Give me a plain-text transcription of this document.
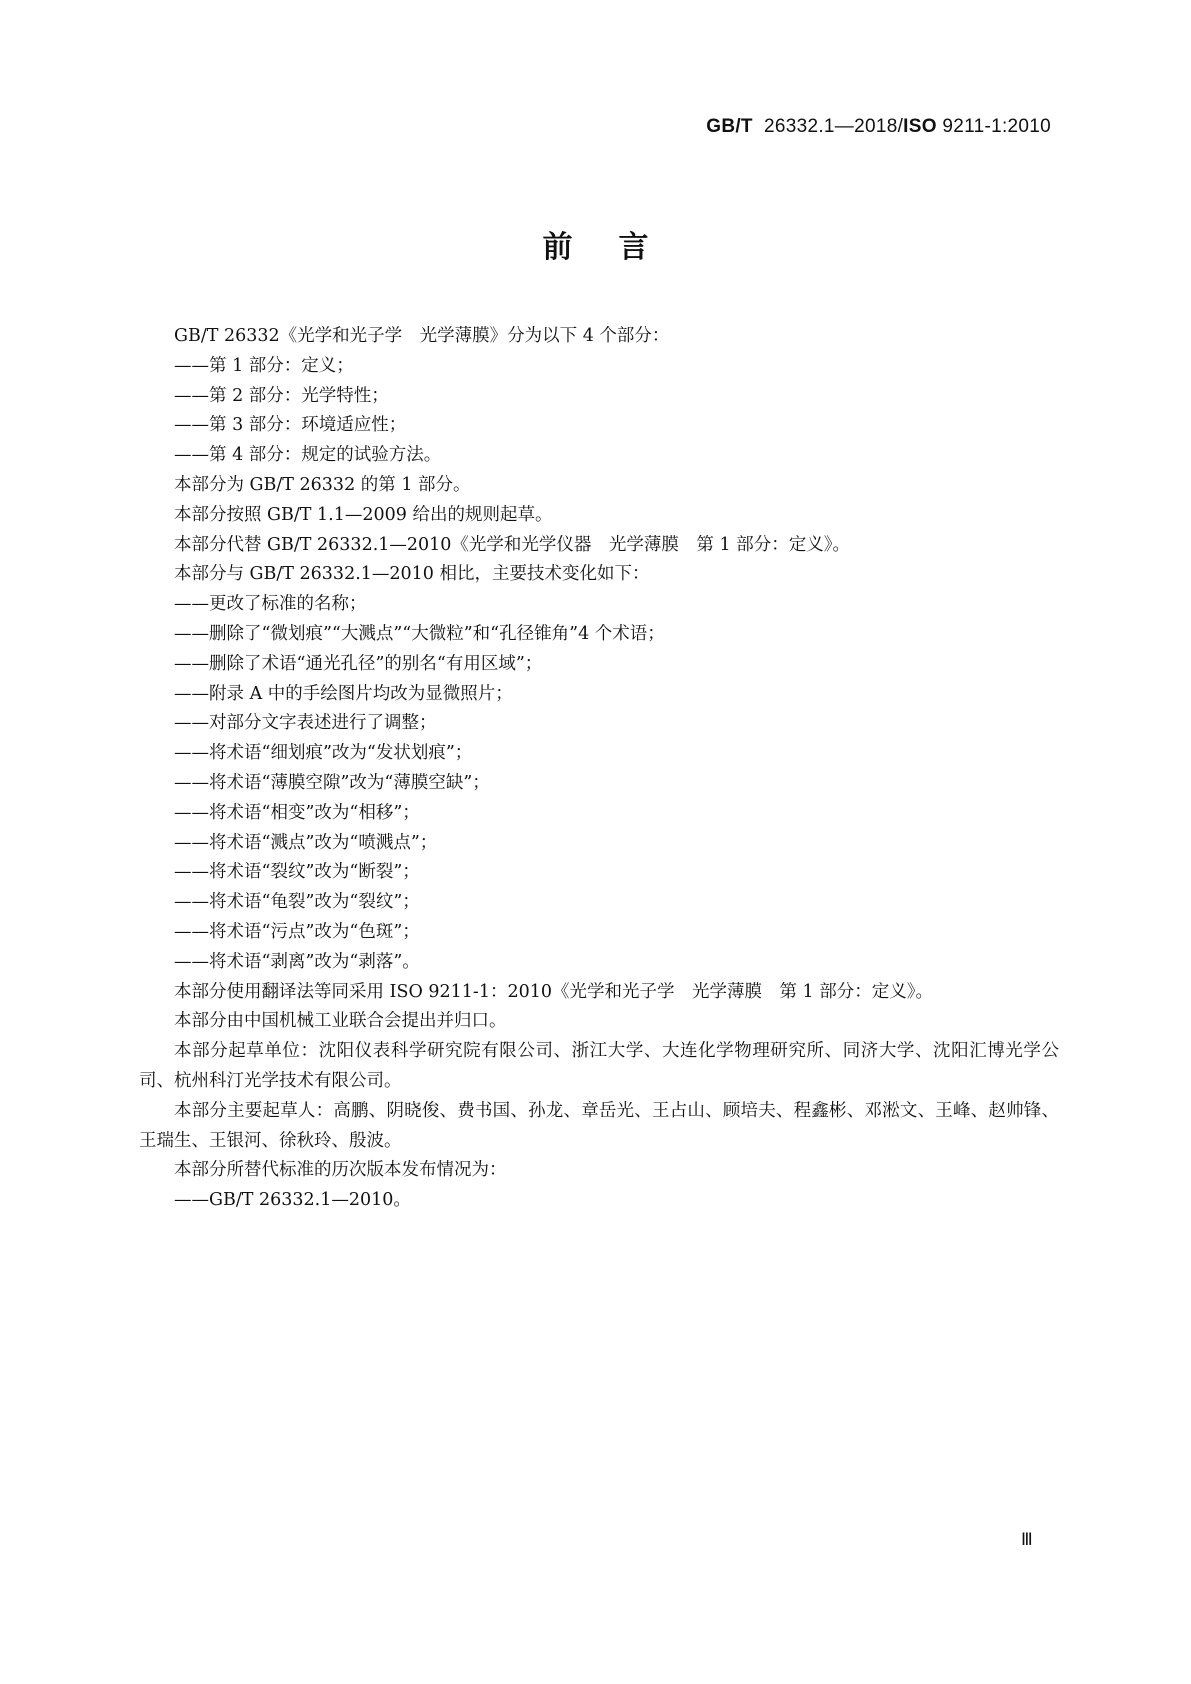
GB/T 26332.1—2018/ISO 9211-1:2010
前言

GB/T 26332《光学和光子学　光学薄膜》分为以下 4 个部分：

——第 1 部分：定义；

——第 2 部分：光学特性；

——第 3 部分：环境适应性；

——第 4 部分：规定的试验方法。

本部分为 GB/T 26332 的第 1 部分。

本部分按照 GB/T 1.1—2009 给出的规则起草。

本部分代替 GB/T 26332.1—2010《光学和光学仪器　光学薄膜　第 1 部分：定义》。

本部分与 GB/T 26332.1—2010 相比，主要技术变化如下：

——更改了标准的名称；

——删除了“微划痕”“大溅点”“大微粒”和“孔径锥角”4 个术语；

——删除了术语“通光孔径”的别名“有用区域”；

——附录 A 中的手绘图片均改为显微照片；

——对部分文字表述进行了调整；

——将术语“细划痕”改为“发状划痕”；

——将术语“薄膜空隙”改为“薄膜空缺”；

——将术语“相变”改为“相移”；

——将术语“溅点”改为“喷溅点”；

——将术语“裂纹”改为“断裂”；

——将术语“龟裂”改为“裂纹”；

——将术语“污点”改为“色斑”；

——将术语“剥离”改为“剥落”。

本部分使用翻译法等同采用 ISO 9211-1：2010《光学和光子学　光学薄膜　第 1 部分：定义》。

本部分由中国机械工业联合会提出并归口。

本部分起草单位：沈阳仪表科学研究院有限公司、浙江大学、大连化学物理研究所、同济大学、沈阳汇博光学公司、杭州科汀光学技术有限公司。

本部分主要起草人：高鹏、阴晓俊、费书国、孙龙、章岳光、王占山、顾培夫、程鑫彬、邓淞文、王峰、赵帅锋、王瑞生、王银河、徐秋玲、殷波。

本部分所替代标准的历次版本发布情况为：

——GB/T 26332.1—2010。

Ⅲ
